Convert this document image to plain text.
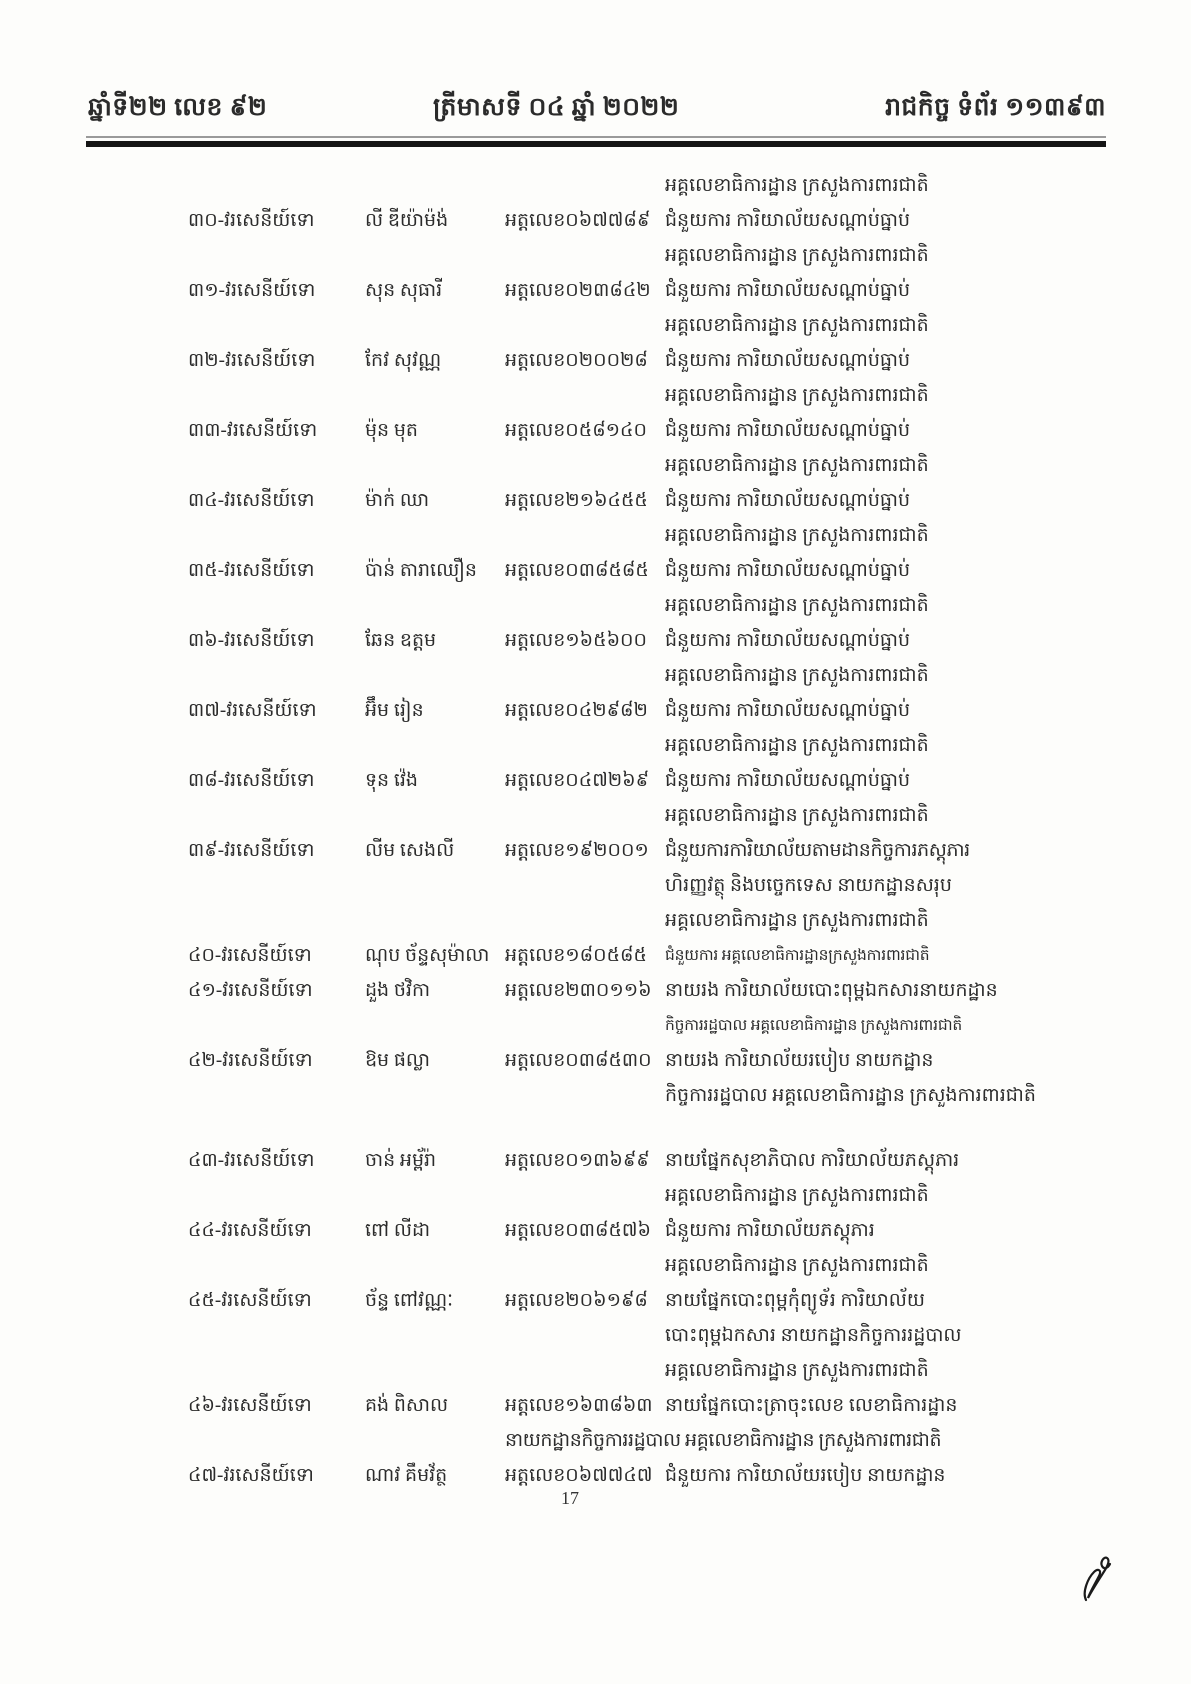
ឆ្នាំទី២២ លេខ ៩២	ត្រីមាសទី ០៤ ឆ្នាំ ២០២២	រាជកិច្ច ទំព័រ ១១៣៩៣
អគ្គលេខាធិការដ្ឋាន ក្រសួងការពារជាតិ
៣០-វរសេនីយ៍ទោ	លី ឌីយ៉ាម៉ង់	អត្តលេខ០៦៧៧៨៩ ជំនួយការ ការិយាល័យសណ្តាប់ធ្នាប់
អគ្គលេខាធិការដ្ឋាន ក្រសួងការពារជាតិ
៣១-វរសេនីយ៍ទោ	សុន សុធារី	អត្តលេខ០២៣៨៤២ ជំនួយការ ការិយាល័យសណ្តាប់ធ្នាប់
អគ្គលេខាធិការដ្ឋាន ក្រសួងការពារជាតិ
៣២-វរសេនីយ៍ទោ	កែវ សុវណ្ណ	អត្តលេខ០២០០២៨ ជំនួយការ ការិយាល័យសណ្តាប់ធ្នាប់
អគ្គលេខាធិការដ្ឋាន ក្រសួងការពារជាតិ
៣៣-វរសេនីយ៍ទោ	ម៉ុន មុត	អត្តលេខ០៥៨១៤០ ជំនួយការ ការិយាល័យសណ្តាប់ធ្នាប់
អគ្គលេខាធិការដ្ឋាន ក្រសួងការពារជាតិ
៣៤-វរសេនីយ៍ទោ	ម៉ាក់ ឈា	អត្តលេខ២១៦៤៥៥ ជំនួយការ ការិយាល័យសណ្តាប់ធ្នាប់
អគ្គលេខាធិការដ្ឋាន ក្រសួងការពារជាតិ
៣៥-វរសេនីយ៍ទោ	ប៉ាន់ តារាឈឿន	អត្តលេខ០៣៨៥៨៥ ជំនួយការ ការិយាល័យសណ្តាប់ធ្នាប់
អគ្គលេខាធិការដ្ឋាន ក្រសួងការពារជាតិ
៣៦-វរសេនីយ៍ទោ	ឆែន ឧត្តម	អត្តលេខ១៦៥៦០០ ជំនួយការ ការិយាល័យសណ្តាប់ធ្នាប់
អគ្គលេខាធិការដ្ឋាន ក្រសួងការពារជាតិ
៣៧-វរសេនីយ៍ទោ	អ៊ឹម រៀន	អត្តលេខ០៤២៩៨២ ជំនួយការ ការិយាល័យសណ្តាប់ធ្នាប់
អគ្គលេខាធិការដ្ឋាន ក្រសួងការពារជាតិ
៣៨-វរសេនីយ៍ទោ	ទុន វ៉េង	អត្តលេខ០៤៧២៦៩ ជំនួយការ ការិយាល័យសណ្តាប់ធ្នាប់
អគ្គលេខាធិការដ្ឋាន ក្រសួងការពារជាតិ
៣៩-វរសេនីយ៍ទោ	លីម សេងលី	អត្តលេខ១៩២០០១ ជំនួយការការិយាល័យតាមដានកិច្ចការភស្តុភារ
ហិរញ្ញវត្ថុ និងបច្ចេកទេស នាយកដ្ឋានសរុប
អគ្គលេខាធិការដ្ឋាន ក្រសួងការពារជាតិ
៤០-វរសេនីយ៍ទោ	ណុប ច័ន្ទសុម៉ាលា អត្តលេខ១៨០៥៨៥	ជំនួយការ អគ្គលេខាធិការដ្ឋានក្រសួងការពារជាតិ
៤១-វរសេនីយ៍ទោ	ដួង ថវិកា	អត្តលេខ២៣០១១៦ នាយរង ការិយាល័យបោះពុម្ពឯកសារនាយកដ្ឋាន
កិច្ចការរដ្ឋបាល អគ្គលេខាធិការដ្ឋាន ក្រសួងការពារជាតិ
៤២-វរសេនីយ៍ទោ	ឱម ផល្លា	អត្តលេខ០៣៨៥៣០ នាយរង ការិយាល័យរបៀប នាយកដ្ឋាន
កិច្ចការរដ្ឋបាល អគ្គលេខាធិការដ្ឋាន ក្រសួងការពារជាតិ
៤៣-វរសេនីយ៍ទោ	ចាន់ អម្ព័រ៉ា	អត្តលេខ០១៣៦៩៩ នាយផ្នែកសុខាភិបាល ការិយាល័យភស្តុភារ
អគ្គលេខាធិការដ្ឋាន ក្រសួងការពារជាតិ
៤៤-វរសេនីយ៍ទោ	ពៅ លីដា	អត្តលេខ០៣៨៥៧៦ ជំនួយការ ការិយាល័យភស្តុភារ
អគ្គលេខាធិការដ្ឋាន ក្រសួងការពារជាតិ
៤៥-វរសេនីយ៍ទោ	ច័ន្ទ ពៅវណ្ណៈ	អត្តលេខ២០៦១៩៨ នាយផ្នែកបោះពុម្ពកុំព្យូទ័រ ការិយាល័យ
បោះពុម្ពឯកសារ នាយកដ្ឋានកិច្ចការរដ្ឋបាល
អគ្គលេខាធិការដ្ឋាន ក្រសួងការពារជាតិ
៤៦-វរសេនីយ៍ទោ	គង់ ពិសាល	អត្តលេខ១៦៣៨៦៣ នាយផ្នែកបោះត្រាចុះលេខ លេខាធិការដ្ឋាន
នាយកដ្ឋានកិច្ចការរដ្ឋបាល អគ្គលេខាធិការដ្ឋាន ក្រសួងការពារជាតិ
៤៧-វរសេនីយ៍ទោ	ណាវ គឹមវ័ត្ថ	អត្តលេខ០៦៧៧៤៧ ជំនួយការ ការិយាល័យរបៀប នាយកដ្ឋាន
17
